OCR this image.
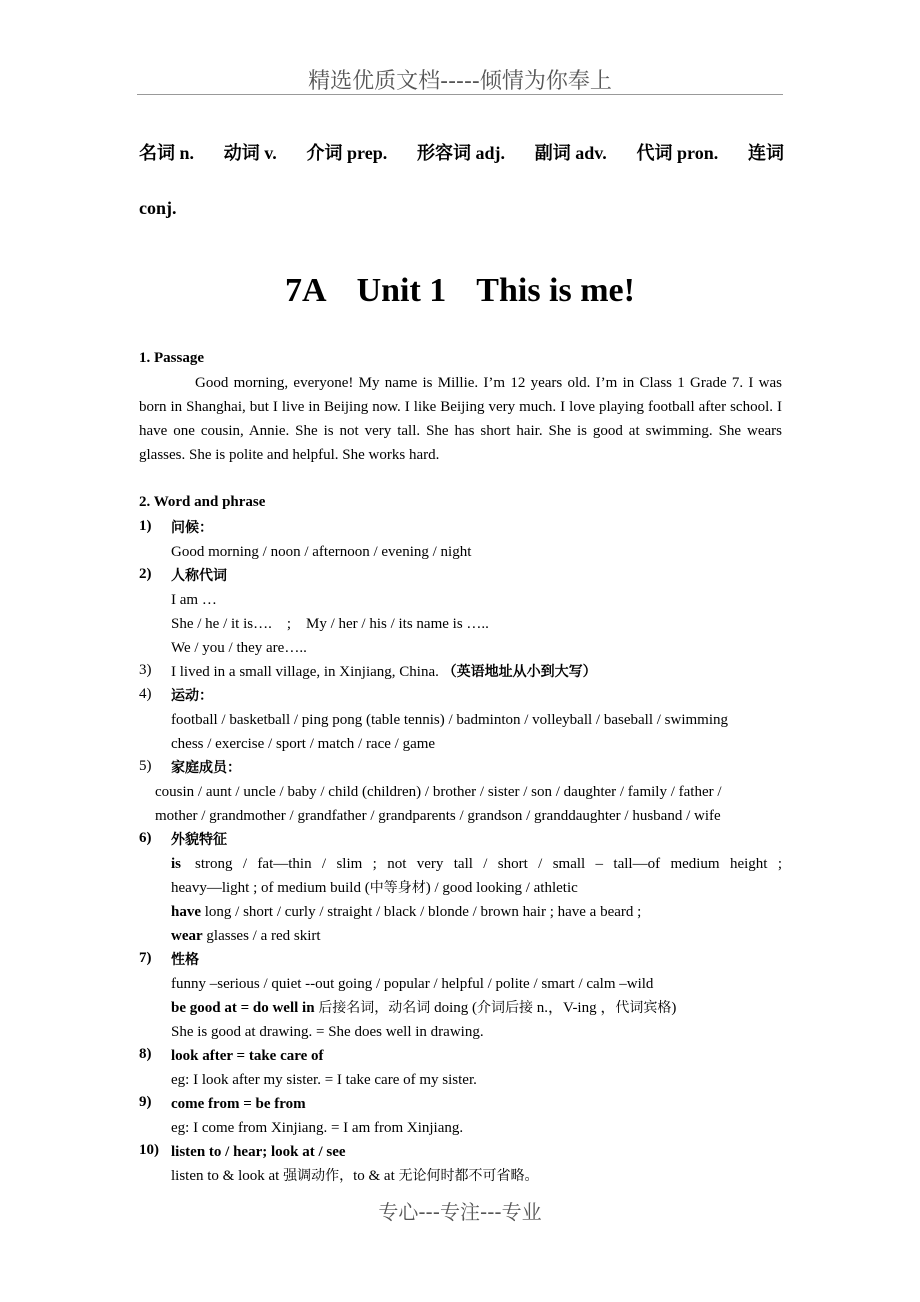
精选优质文档-----倾情为你奉上
名词 n. 动词 v. 介词 prep. 形容词 adj. 副词 adv. 代词 pron. 连词
conj.
7A Unit 1 This is me!
1. Passage
Good morning, everyone! My name is Millie. I’m 12 years old. I’m in Class 1 Grade 7. I was born in Shanghai, but I live in Beijing now. I like Beijing very much. I love playing football after school. I have one cousin, Annie. She is not very tall. She has short hair. She is good at swimming. She wears glasses. She is polite and helpful. She works hard.
2. Word and phrase
1)	问候：
Good morning / noon / afternoon / evening / night
2)	人称代词
I am …
She / he / it is….    ;    My / her / his / its name is …..
We / you / they are…..
3)	I lived in a small village, in Xinjiang, China. （英语地址从小到大写）
4)	运动：
football / basketball / ping pong (table tennis) / badminton / volleyball / baseball / swimming
chess / exercise / sport / match / race / game
5)	家庭成员：
cousin / aunt / uncle / baby / child (children) / brother / sister / son / daughter / family / father /
mother / grandmother / grandfather / grandparents / grandson / granddaughter / husband / wife
6)	外貌特征
is strong / fat—thin / slim ; not very tall / short / small – tall—of medium height ;
heavy—light ; of medium build (中等身材) / good looking / athletic
have long / short / curly / straight / black / blonde / brown hair ; have a beard ;
wear glasses / a red skirt
7)	性格
funny –serious / quiet --out going / popular / helpful / polite / smart / calm –wild
be good at = do well in 后接名词，动名词 doing (介词后接 n.，V-ing ，代词宾格)
She is good at drawing. = She does well in drawing.
8)	look after = take care of
eg: I look after my sister. = I take care of my sister.
9)	come from = be from
eg: I come from Xinjiang. = I am from Xinjiang.
10) listen to / hear; look at / see
listen to & look at 强调动作，to & at 无论何时都不可省略。
专心---专注---专业
